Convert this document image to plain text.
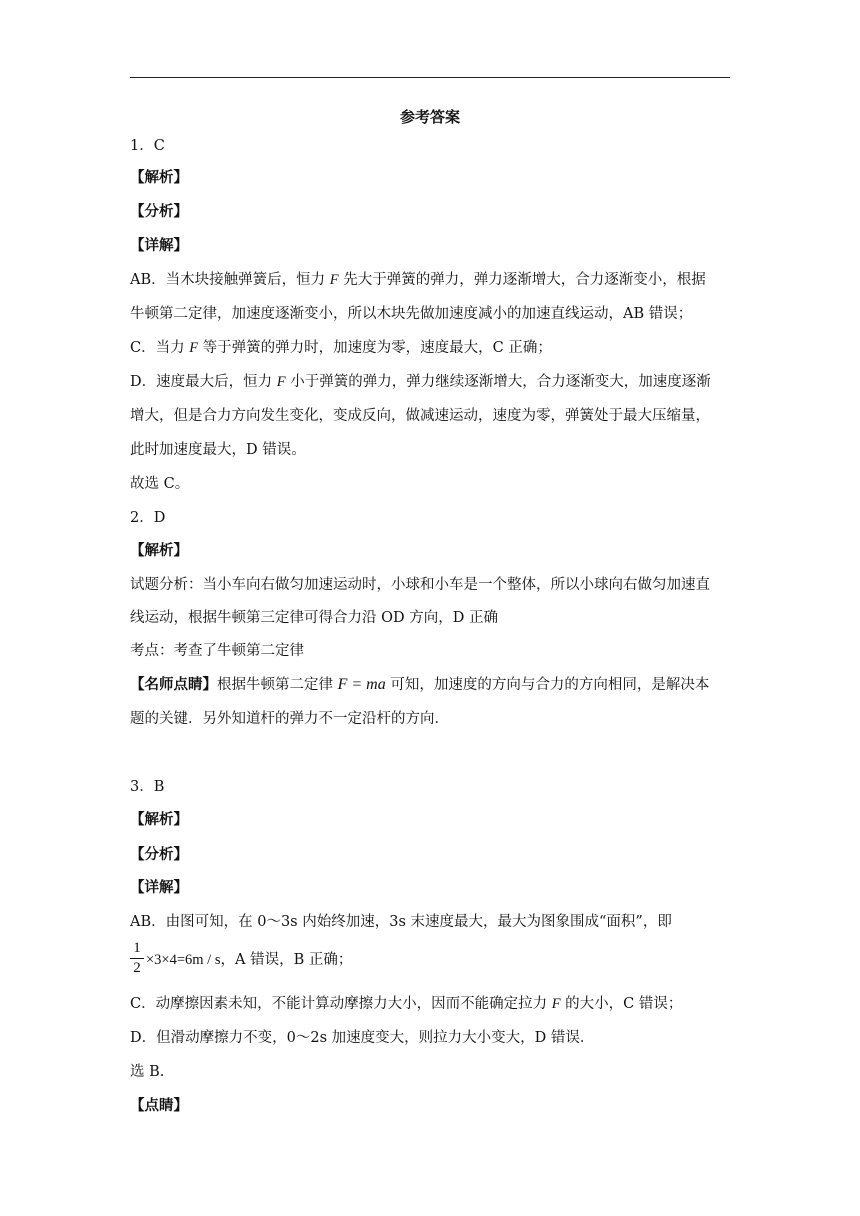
参考答案
1．C
【解析】
【分析】
【详解】
AB．当木块接触弹簧后，恒力 F 先大于弹簧的弹力，弹力逐渐增大，合力逐渐变小，根据
牛顿第二定律，加速度逐渐变小，所以木块先做加速度减小的加速直线运动，AB 错误；
C．当力 F 等于弹簧的弹力时，加速度为零，速度最大，C 正确；
D．速度最大后，恒力 F 小于弹簧的弹力，弹力继续逐渐增大，合力逐渐变大，加速度逐渐
增大，但是合力方向发生变化，变成反向，做减速运动，速度为零，弹簧处于最大压缩量，
此时加速度最大，D 错误。
故选 C。
2．D
【解析】
试题分析：当小车向右做匀加速运动时，小球和小车是一个整体，所以小球向右做匀加速直
线运动，根据牛顿第三定律可得合力沿 OD 方向，D 正确
考点：考查了牛顿第二定律
【名师点睛】根据牛顿第二定律 F = ma 可知，加速度的方向与合力的方向相同，是解决本
题的关键．另外知道杆的弹力不一定沿杆的方向．
3．B
【解析】
【分析】
【详解】
AB．由图可知，在 0～3s 内始终加速，3s 末速度最大，最大为图象围成“面积”，即
1
2 ×3×4=6m / s，A 错误，B 正确；
C．动摩擦因素未知，不能计算动摩擦力大小，因而不能确定拉力 F 的大小，C 错误；
D．但滑动摩擦力不变，0～2s 加速度变大，则拉力大小变大，D 错误．
选 B.
【点睛】
